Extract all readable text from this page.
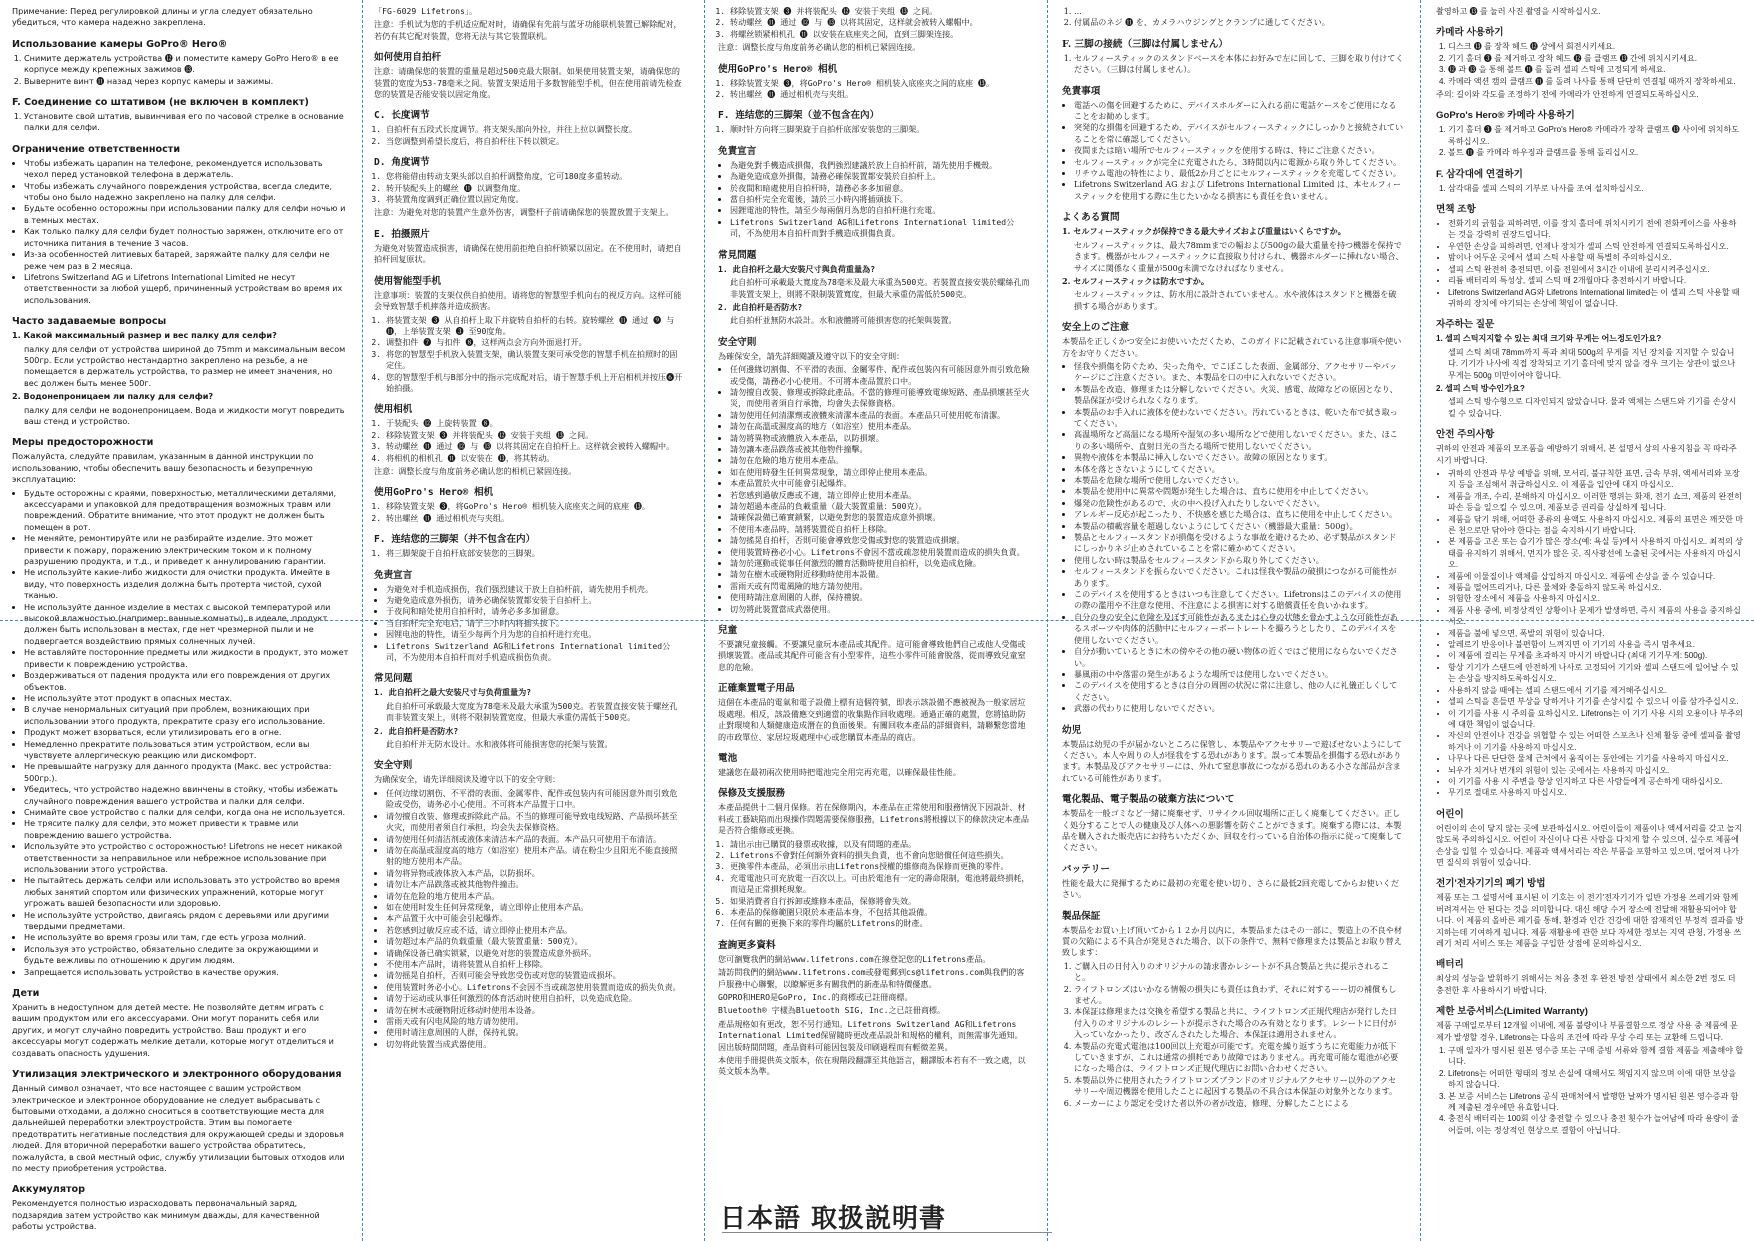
Примечание: Перед регулировкой длины и угла следует обязательно убедиться, что камера надежно закреплена.

Использование камеры GoPro® Hero®
1. Снимите держатель устройства ⓬ и поместите камеру GoPro Hero® в ее корпусе между крепежных зажимов ⓭.
2. Выверните винт ⓫ назад через корпус камеры и зажимы.
F. Соединение со штативом (не включен в комплект)
1. Установите свой штатив, вывинчивая его по часовой стрелке в основание палки для селфи.
Ограничение ответственности
• Чтобы избежать царапин на телефоне, рекомендуется использовать чехол перед установкой телефона в держатель.
• Чтобы избежать случайного повреждения устройства, всегда следите, чтобы оно было надежно закреплено на палку для селфи.
• Будьте особенно осторожны при использовании палку для селфи ночью и в темных местах.
• Как только палку для селфи будет полностью заряжен, отключите его от источника питания в течение 3 часов.
• Из-за особенностей литиевых батарей, заряжайте палку для селфи не реже чем раз в 2 месяца.
• Lifetrons Switzerland AG и Lifetrons International Limited не несут ответственности за любой ущерб, причиненный устройствам во время их использования.
Часто задаваемые вопросы

1. Какой максимальный размер и вес палку для селфи?

палку для селфи от устройства шириной до 75mm и максимальным весом 500гр. Если устройство нестандартно закреплено на резьбе, а не помещается в держатель устройства, то размер не имеет значения, но вес должен быть менее 500г.

2. Водонепроницаем ли палку для селфи?

палку для селфи не водонепроницаем. Вода и жидкости могут повредить ваш стенд и устройство.

Меры предосторожности

Пожалуйста, следуйте правилам, указанным в данной инструкции по использованию, чтобы обеспечить вашу безопасность и безупречную эксплуатацию:

• Будьте осторожны с краями, поверхностью, металлическими деталями, аксессуарами и упаковкой для предотвращения возможных травм или повреждений. Обратите внимание, что этот продукт не должен быть помещен в рот.
• Не меняйте, ремонтируйте или не разбирайте изделие. Это может привести к пожару, поражению электрическим током и к полному разрушению продукта, и т.д., и приведет к аннулированию гарантии.
• Не используйте какие-либо жидкости для очистки продукта. Имейте в виду, что поверхность изделия должна быть протерта чистой, сухой тканью.
• Не используйте данное изделие в местах с высокой температурой или высокой влажностью (например: ванные комнаты), в идеале, продукт должен быть использован в местах, где нет чрезмерной пыли и не подвергается воздействию прямых солнечных лучей.
• Не вставляйте посторонние предметы или жидкости в продукт, это может привести к повреждению устройства.
• Воздерживаться от падения продукта или его повреждения от других объектов.
• Не используйте этот продукт в опасных местах.
• В случае ненормальных ситуаций при проблем, возникающих при использовании этого продукта, прекратите сразу его использование.
• Продукт может взорваться, если утилизировать его в огне.
• Немедленно прекратите пользоваться этим устройством, если вы чувствуете аллергическую реакцию или дискомфорт.
• Не превышайте нагрузку для данного продукта (Макс. вес устройства: 500гр.).
• Убедитесь, что устройство надежно ввинчены в стойку, чтобы избежать случайного повреждения вашего устройства и палки для селфи.
• Снимайте свое устройство с палки для селфи, когда она не используется.
• Не трясите палку для селфи, это может привести к травме или повреждению вашего устройства.
• Используйте это устройство с осторожностью! Lifetrons не несет никакой ответственности за неправильное или небрежное использование при использовании этого устройства.
• Не пытайтесь держать селфи или использовать это устройство во время любых занятий спортом или физических упражнений, которые могут угрожать вашей безопасности или здоровью.
• Не используйте устройство, двигаясь рядом с деревьями или другими твердыми предметами.
• Не используйте во время грозы или там, где есть угроза молний.
• Используя это устройство, обязательно следите за окружающими и будьте вежливы по отношению к другим людям.
• Запрещается использовать устройство в качестве оружия.
Дети

Хранить в недоступном для детей месте. Не позволяйте детям играть с вашим продуктом или его аксессуарами. Они могут поранить себя или других, и могут случайно повредить устройство. Ваш продукт и его аксессуары могут содержать мелкие детали, которые могут отделиться и создавать опасность удушения.

Утилизация электрического и электронного оборудования

Данный символ означает, что все настоящее с вашим устройством электрическое и электронное оборудование не следует выбрасывать с бытовыми отходами, а должно сноситься в соответствующие места для дальнейшей переработки электроустройств. Этим вы помогаете предотвратить негативные последствия для окружающей среды и здоровья людей. Для вторичной переработки вашего устройства обратитесь, пожалуйста, в свой местный офис, службу утилизации бытовых отходов или по месту приобретения устройства.

Аккумулятор

Рекомендуется полностью израсходовать первоначальный заряд, подзарядив затем устройство как минимум дважды, для качественной работы устройства.

「FG-6029 Lifetrons」。

注意：手机试为您的手机适应配对时，请确保有先前与蓝牙功能联机装置已解除配对，若仍有其它配对装置，您将无法与其它装置联机。

如何使用自拍杆

注意：请确保您的装置的重量是超过500克最大限制。如果使用装置支架，请确保您的装置的宽度为53-78毫米之间。装置支架适用于多数智能型手机，但在使用前请先检查您的装置是否能安装以固定角度。

C. 长度调节
1. 自拍杆有五段式长度调节。将支架头部向外拉，并往上拉以调整长度。
2. 当您调整到希望长度后，将自拍杆往下转以锁定。
D. 角度调节
1. 您将能借由转动支架头部以自拍杆调整角度，它可180度多重转动。
2. 转开装配头上的螺丝 ⓫ 以调整角度。
3. 将装置角度调到正确位置以固定角度。

注意：为避免对您的装置产生意外伤害，调整杆子前请确保您的装置放置于支架上。

E. 拍摄照片

为避免对装置造成损害，请确保在使用前拒绝自拍杆锁紧以固定。在不使用时，请把自拍杆回复原状。

使用智能型手机

注意事项：装置的支架仅供自拍使用。请将您的智慧型手机向右的视反方向。这样可能会导致智慧手机摔落并造成损害。

1. 将装置支架 ❸ 从自拍杆上取下并旋转自拍杆的右转。旋转螺丝 ⓫ 通过 ❾ 与 ⓫，上举装置支架 ❸ 至90度角。
2. 调整扣件 ❼ 与扣件 ❽，这样两点会方向外面退打开。
3. 将您的智慧型手机放入装置支架，确认装置支架可承受您的智慧手机在拍照时的固定住。
4. 您的智慧型手机与B部分中的指示完成配对后，请于智慧手机上开启相机并按压❻开始拍摄。
使用相机
1. 于装配头 ⓬ 上旋转装置 ❽。
2. 移除装置支架 ❸ 并将装配头 ⓬ 安装于夹组 ⓭ 之间。
3. 转动螺丝 ⓫ 通过 ⓬ 与 ⓭ 以将其固定在自拍杆上。这样就会被转入螺帽中。
4. 将相机的相机孔 ⓫ 以安装在 ⓭，将其转动。

注意：调整长度与角度前务必确认您的相机已紧固连接。

使用GoPro's Hero® 相机
1. 移除装置支架 ❸，将GoPro's Hero® 相机装入底座夹之间的底座 ⓭。
2. 转出螺丝 ⓫ 通过相机壳与夹组。
F. 连结您的三脚架（并不包含在内）
1. 将三脚架旋于自拍杆底部安装您的三脚架。
免责宣言
• 为避免对手机造成损伤，我们强烈建议于放上自拍杆前，请先使用手机壳。
• 为避免造成意外损伤，请务必确保装置都安装于自拍杆上。
• 于夜间和暗处使用自拍杆时，请务必多多加留意。
• 当自拍杆完全充电后，请于三小时内将插头拔下。
• 因锂电池的特性，请至少每两个月为您的自拍杆进行充电。
• Lifetrons Switzerland AG和Lifetrons International limited公司，不为使用本自拍杆而对手机造成损伤负责。
常见问题

1. 此自拍杆之最大安装尺寸与负荷重量为?

此自拍杆可承载最大宽度为78毫米及最大承重为500克。若装置直接安装于螺丝孔而非装置支架上，则将不限制装置宽度，但最大承重仍需低于500克。

2. 此自拍杆是否防水?

此自拍杆并无防水设计。水和液体将可能损害您的托架与装置。

安全守则

为确保安全，请先详细阅读及遵守以下的安全守则：

• 任何边缘切割伤、不平滑的表面、金属零件、配件或包装内有可能因意外而引致危险或受伤，请务必小心使用。不可将本产品置于口中。
• 请勿擅自改装、修理或拆除此产品。不当的修理可能导致电线短路、产品损坏甚至火灾，而使用者须自行承担，均会失去保修资格。
• 请勿使用任何清洁剂或液体来清洁本产品的表面。本产品只可使用干布清洁。
• 请勿在高温或湿度高的地方（如浴室）使用本产品。请在粉尘少且阳光不能直接照射的地方使用本产品。
• 请勿将异物或液体放入本产品，以防损坏。
• 请勿让本产品跌落或被其他物件撞击。
• 请勿在危险的地方使用本产品。
• 如在使用时发生任何异常现象，请立即停止使用本产品。
• 本产品置于火中可能会引起爆炸。
• 若您感到过敏反应或不适，请立即停止使用本产品。
• 请勿超过本产品的负载重量（最大装置重量：500克）。
• 请确保设备已确实锁紧，以避免对您的装置造成意外损坏。
• 不使用本产品时，请将装置从自拍杆上移除。
• 请勿摇晃自拍杆，否则可能会导致您受伤或对您的装置造成损坏。
• 使用装置时务必小心。Lifetrons不会因不当或疏忽使用装置而造成的损失负责。
• 请勿于运动或从事任何激烈的体育活动时使用自拍杆，以免造成危险。
• 请勿在树木或硬物附近移动时使用本设备。
• 雷雨天或有闪电风险的地方请勿使用。
• 使用时请注意周围的人群，保持礼貌。
• 切勿将此装置当成武器使用。
1. 移除装置支架 ❸ 并将装配头 ⓬ 安装于夹组 ⓭ 之间。
2. 转动螺丝 ⓫ 通过 ⓬ 与 ⓭ 以将其固定，这样就会被转入螺帽中。
3. 将螺丝锁紧相机孔 ⓫ 以安装在底座夹之间，直到三脚架连接。

注意：调整长度与角度前务必确认您的相机已紧固连接。

使用GoPro's Hero® 相机
1. 移除装置支架 ❸，将GoPro's Hero® 相机装入底座夹之间的底座 ⓭。
2. 转出螺丝 ⓫ 通过相机壳与夹组。
F. 连结您的三脚架（並不包含在內）
1. 顺时针方向将三脚架旋于自拍杆底部安装您的三脚架。
免責宣言
• 為避免對手機造成損傷，我們強烈建議於放上自拍杆前，請先使用手機殼。
• 為避免造成意外損傷，請務必確保裝置都安裝於自拍杆上。
• 於夜間和暗處使用自拍杆時，請務必多多加留意。
• 當自拍杆完全充電後，請於三小時內將插頭拔下。
• 因鋰電池的特性，請至少每兩個月為您的自拍杆進行充電。
• Lifetrons Switzerland AG和Lifetrons International limited公司，不為使用本自拍杆而對手機造成損傷負責。
常見問題

1. 此自拍杆之最大安裝尺寸與負荷重量為?

此自拍杆可承載最大寬度為78毫米及最大承重為500克。若裝置直接安裝於螺絲孔而非裝置支架上，則將不限制裝置寬度，但最大承重仍需低於500克。

2. 此自拍杆是否防水?

此自拍杆並無防水設計。水和液體將可能損害您的托架與裝置。

安全守則

為確保安全，請先詳細閱讀及遵守以下的安全守則：

• 任何邊緣切割傷、不平滑的表面、金屬零件、配件或包裝內有可能因意外而引致危險或受傷，請務必小心使用。不可將本產品置於口中。
• 請勿擅自改裝、修理或拆除此產品。不當的修理可能導致電線短路、產品損壞甚至火災，而使用者須自行承擔，均會失去保修資格。
• 請勿使用任何清潔劑或液體來清潔本產品的表面。本產品只可使用乾布清潔。
• 請勿在高溫或濕度高的地方（如浴室）使用本產品。
• 請勿將異物或液體放入本產品，以防損壞。
• 請勿讓本產品跌落或被其他物件撞擊。
• 請勿在危險的地方使用本產品。
• 如在使用時發生任何異常現象，請立即停止使用本產品。
• 本產品置於火中可能會引起爆炸。
• 若您感到過敏反應或不適，請立即停止使用本產品。
• 請勿超過本產品的負載重量（最大裝置重量：500克）。
• 請確保設備已確實鎖緊，以避免對您的裝置造成意外損壞。
• 不使用本產品時，請將裝置從自拍杆上移除。
• 請勿搖晃自拍杆，否則可能會導致您受傷或對您的裝置造成損壞。
• 使用裝置時務必小心。Lifetrons不會因不當或疏忽使用裝置而造成的損失負責。
• 請勿於運動或從事任何激烈的體育活動時使用自拍杆，以免造成危險。
• 請勿在樹木或硬物附近移動時使用本設備。
• 雷雨天或有閃電風險的地方請勿使用。
• 使用時請注意周圍的人群，保持禮貌。
• 切勿將此裝置當成武器使用。
兒童

不要讓兒童接觸。不要讓兒童玩本產品或其配件。這可能會導致他們自己或他人受傷或損壞裝置。產品或其配件可能含有小型零件，這些小零件可能會脫落，從而導致兒童窒息的危險。

正確棄置電子用品

這個在本產品的電氣和電子設備上標有這個符號，即表示該設備不應被視為一般家居垃圾處理。相反，該設備應交到適當的收集點作回收處理。通過正確的處置，您將協助防止對環境和人類健康造成潛在的負面後果。有關回收本產品的詳細資料，請聯繫您當地的市政單位、家居垃圾處理中心或您購買本產品的商店。

電池

建議您在最初兩次使用時把電池完全用完再充電，以確保最佳性能。

保修及支援服務

本產品提供十二個月保修。若在保修期內，本產品在正常使用和服務情況下因設計、材料或工藝缺陷而出現操作問題需要保修服務，Lifetrons將根據以下的條款決定本產品是否符合維修或更換。

1. 請出示由已購買的發票或收據，以及有問題的產品。
2. Lifetrons不會對任何額外資料的損失負責，也不會向您賠償任何這些損失。
3. 更換零件本產品，必須出示由Lifetrons授權的維修商為保修而更換的零件。
4. 充電電池只可充放電一百次以上。可由於電池有一定的壽命限制，電池將最終損耗，而這是正常損耗現象。
5. 如果消費者自行拆卸或維修本產品，保修將會失效。
6. 本產品的保修範圍只限於本產品本身，不包括其他設備。
7. 任何有關的更換下來的零件均屬於Lifetrons的財產。
查詢更多資料

您可瀏覽我們的網站www.lifetrons.com在線登記您的Lifetrons產品。

請訪問我們的網站www.lifetrons.com或發電郵到cs@lifetrons.com與我們的客戶服務中心聯繫，以瞭解更多有關我們的新產品和特價優惠。

GOPRO和HERO是GoPro, Inc.的商標或已註冊商標。

Bluetooth® 字樣為Bluetooth SIG, Inc.之已註冊商標。

產品規格如有更改，恕不另行通知。Lifetrons Switzerland AG和Lifetrons International Limited保留隨時更改產品設計和規格的權利，而無需事先通知。因出版時間問題，產品資料可能因包裝及印刷過程而有輕微差異。

本使用手冊提供英文版本，依在現階段翻譯至其他語言，翻譯版本若有不一致之處，以英文版本為準。

1. ...
2. 付属品のネジ ⓫ を、カメラハウジングとクランプに通してください。
F. 三脚の接続（三脚は付属しません）
1. セルフィースティックのスタンドベースを本体にお好みで左に回して、三脚を取り付けてください。（三脚は付属しません）。
免責事項
• 電話への傷を回避するために、デバイスホルダーに入れる前に電話ケースをご使用になることをお勧めします。
• 突発的な損傷を回避するため、デバイスがセルフィースティックにしっかりと接続されていることを常に確認してください。
• 夜間または暗い場所でセルフィースティックを使用する時は、特にご注意ください。
• セルフィースティックが完全に充電されたら、3時間以内に電源から取り外してください。
• リチウム電池の特性により、最低2か月ごとにセルフィースティックを充電してください。
• Lifetrons Switzerland AG および Lifetrons International Limited は、本セルフィースティックを使用する際に生じたいかなる損害にも責任を負いません。
よくある質問

1. セルフィースティックが保持できる最大サイズおよび重量はいくらですか。

セルフィースティックは、最大78mmまでの幅および500gの最大重量を持つ機器を保持できます。機器がセルフィースティックに直接取り付けられ、機器ホルダーに挿れない場合、サイズに関係なく重量が500g未満でなければなりません。

2. セルフィースティックは防水ですか。

セルフィースティックは、防水用に設計されていません。水や液体はスタンドと機器を破損する場合があります。

安全上のご注意

本製品を正しくかつ安全にお使いいただくため、このガイドに記載されている注意事項や使い方をお守りください。

• 怪我や損傷を防ぐため、尖った角や、でこぼこした表面、金属部分、アクセサリーやパッケージにご注意ください。また、本製品を口の中に入れないでください。
• 本製品を改造、修理または分解しないでください。火災、感電、故障などの原因となり、製品保証が受けられなくなります。
• 本製品のお手入れに液体を使わないでください。汚れているときは、乾いた布で拭き取ってください。
• 高温場所など高温になる場所や湿気の多い場所などで使用しないでください。また、ほこりの多い場所や、直射日光の当たる場所で使用しないでください。
• 異物や液体を本製品に挿入しないでください。故障の原因となります。
• 本体を落とさないようにしてください。
• 本製品を危険な場所で使用しないでください。
• 本製品を使用中に異常や問題が発生した場合は、直ちに使用を中止してください。
• 爆発の危険性があるので、火の中へ投げ入れたりしないでください。
• アレルギー反応が起こったり、不快感を感じた場合は、直ちに使用を中止してください。
• 本製品の積載容量を超過しないようにしてください（機器最大重量：500g）。
• 製品とセルフィースタンドが損傷を受けるような事故を避けるため、必ず製品がスタンドにしっかりネジ止めされていることを常に確かめてください。
• 使用しない時は製品をセルフィースタンドから取り外してください。
• セルフィースタンドを振らないでください。これは怪我や製品の破損につながる可能性があります。
• このデバイスを使用するときはいつも注意してください。Lifetronsはこのデバイスの使用の際の濫用や不注意な使用、不注意による損害に対する賠償責任を負いかねます。
• 自分の身の安全に危険を及ぼす可能性があるまたは心身の状態を脅かすような可能性があるスポーツや肉体的活動中にセルフィーポートレートを撮ろうとしたり、このデバイスを使用しないでください。
• 自分が動いているときに木の傍やその他の硬い物体の近くではご使用にならないでください。
• 暴風雨の中や落雷の発生があるような場所では使用しないでください。
• このデバイスを使用するときは自分の周囲の状況に常に注意し、他の人に礼儀正しくしてください。
• 武器の代わりに使用しないでください。
幼児

本製品は幼児の手が届かないところに保管し、本製品やアクセサリーで遊ばせないようにしてください。本人や周りの人が怪我をする恐れがあります。誤って本製品を損傷する恐れがあります。本製品及びアクセサリーには、外れて窒息事故につながる恐れのある小さな部品が含まれている可能性があります。

電化製品、電子製品の破棄方法について

本製品を一般ゴミなど一緒に廃棄せず、リサイクル回収場所に正しく廃棄してください。正しく処分することで人の健康及び人体への悪影響を防ぐことができます。廃棄する際には、本製品を購入された販売店にお持ちいただくか、回収を行っている自治体の指示に従って廃棄してください。

バッテリー

性能を最大に発揮するために最初の充電を使い切り、さらに最低2回充電してからお使いください。

製品保証

本製品をお買い上げ頂いてから１２か月以内に、本製品またはその一部に、製造上の不良や材質の欠陥による不具合が発見された場合、以下の条件で、無料で修理または製品とお取り替え致します：

1. ご購入日の日付入りのオリジナルの請求書かレシートが不具合製品と共に提示されること。
2. ライフトロンズはいかなる情報の損失にも責任は負わず、それに対するーー切の補償もしません。
3. 本保証は修理または交換を希望する製品と共に、ライフトロンズ正規代理店が発行した日付入りのオリジナルのレシートが提示された場合のみ有効となります。レシートに日付が入っていなかったり、改ざんされたした場合、本保証は適用されません。
4. 本製品の充電式電池は100回以上充電が可能です。充電を繰り返すうちに充電能力が低下していきますが、これは通常の損耗であり故障ではありません。再充電可能な電池が必要になった場合は、ライフトロンズ正規代理店にお問い合わせください。
5. 本製品以外に使用されたライフトロンズブランドのオリジナルアクセサリー以外のアクセサリーや周辺機器を使用したことに起因する製品の不具合は本保証の対象外となります。
6. メーカーにより認定を受けた者以外の者が改造、修理、分解したことによる

촬영하고 ⓭ 를 눌러 사진 촬영을 시작하십시오.

카메라 사용하기
1. 디스크 ⓭ 를 장착 헤드 ⓬ 상에서 회전시키세요.
2. 기기 홀더 ❸ 를 제거하고 장착 헤드 ⓬ 를 클램프 ⓭ 간에 위치시키세요.
3. ⓬ 과 ⓭ 을 통해 볼트 ⓫ 를 돌려 셀피 스틱에 고정되게 하세요.
4. 카메라 액션 캠의 클램프 ⓫ 를 돌려 나사를 통해 단단히 연결될 때까지 장착하세요.

주의: 길이와 각도를 조정하기 전에 카메라가 안전하게 연결되도록하십시오.

GoPro's Hero® 카메라 사용하기
1. 기기 홀더 ❸ 를 제거하고 GoPro's Hero® 카메라가 장착 클램프 ⓭ 사이에 위치하도록하십시오.
2. 볼트 ⓫ 를 카메라 하우징과 클램프를 통해 돌리십시오.
F. 삼각대에 연결하기
1. 삼각대를 셀피 스틱의 기부로 나사를 조여 설치하십시오.
면책 조항
• 전화기의 긁힘을 피하려면, 이를 장치 홀더에 위치시키기 전에 전화케이스를 사용하는 것을 강력히 권장드립니다.
• 우연한 손상을 피하려면, 언제나 장치가 셀피 스틱 안전하게 연결되도록하십시오.
• 밤이나 어두운 곳에서 셀피 스틱 사용할 때 특별히 주의하십시오.
• 셀피 스틱 완전히 충전되면, 이를 전원에서 3시간 이내에 분리시켜주십시오.
• 리튬 배터리의 특성상, 셀피 스틱 매 2개월마다 충전하시기 바랍니다.
• Lifetrons Switzerland AG와 Lifetrons International limited는 이 셀피 스틱 사용할 때 귀하의 장치에 야기되는 손상에 책임이 없습니다.
자주하는 질문

1. 셀피 스틱지지할 수 있는 최대 크기와 무게는 어느정도인가요?

셀피 스틱 최대 78mm까지 폭과 최대 500g의 무게를 지닌 장치를 지지할 수 있습니다. 기기가 나사에 직접 장착되고 기기 홀더에 맞지 않을 경우 크기는 상관이 없으나 무게는 500g 미만이어야 합니다.

2. 셀피 스틱 방수인가요?

셀피 스틱 방수형으로 디자인되지 않았습니다. 물과 액체는 스탠드와 기기를 손상시킬 수 있습니다.

안전 주의사항

귀하의 안전과 제품의 모조품을 예방하기 위해서, 본 설명서 상의 사용지침을 꼭 따라주시기 바랍니다.

• 귀하의 안전과 부상 예방을 위해, 모서리, 불규칙한 표면, 금속 부위, 액세서리와 포장지 등을 조심해서 취급하십시오. 이 제품을 입안에 대지 마십시오.
• 제품을 개조, 수리, 분해하지 마십시오. 이러한 행위는 화재, 전기 쇼크, 제품의 완전히 파손 등을 일으킬 수 있으며, 제품보증 권리를 상실하게 됩니다.
• 제품을 닦기 위해, 어떠한 종류의 용액도 사용하지 마십시오. 제품의 표면은 깨끗한 마른 천으로만 닦아야 한다는 점을 숙지하시기 바랍니다.
• 본 제품을 고온 또는 습기가 많은 장소(예: 욕실 등)에서 사용하지 마십시오. 최적의 상태를 유지하기 위해서, 먼지가 많은 곳, 직사광선에 노출된 곳에서는 사용하지 마십시오.
• 제품에 이물질이나 액체를 삽입하지 마십시오. 제품에 손상을 줄 수 있습니다.
• 제품을 떨어뜨리거나, 다른 물체와 충돌하지 않도록 하십시오.
• 위험한 장소에서 제품을 사용하지 마십시오.
• 제품 사용 중에, 비정상적인 상황이나 문제가 발생하면, 즉시 제품의 사용을 중지하십시오.
• 제품을 불에 넣으면, 폭발의 위험이 있습니다.
• 알레르기 반응이나 불편함이 느껴지면 이 기기의 사용을 즉시 멈추세요.
• 이 제품에 걸리는 무게를 초과하지 마시기 바랍니다 (최대 기기무게: 500g).
• 항상 기기가 스탠드에 안전하게 나사로 고정되어 기기와 셀피 스탠드에 일어날 수 있는 손상을 방지하도록하십시오.
• 사용하지 않을 때에는 셀피 스탠드에서 기기를 제거해주십시오.
• 셀피 스틱을 흔들면 부상을 당하거나 기기를 손상시킬 수 있으니 이를 삼가주십시오.
• 이 기기를 사용 시 주의를 요하십시오. Lifetrons는 이 기기 사용 시의 오용이나 부주의에 대한 책임이 없습니다.
• 자신의 안전이나 건강을 위협할 수 있는 어떠한 스포츠나 신체 활동 중에 셀피를 촬영하거나 이 기기를 사용하지 마십시오.
• 나무나 다른 단단한 물체 근처에서 움직이는 동안에는 기기를 사용하지 마십시오.
• 뇌우가 치거나 번개의 위험이 있는 곳에서는 사용하지 마십시오.
• 이 기기를 사용 시 주변을 항상 인지하고 다른 사람들에게 공손하게 대하십시오.
• 무기로 절대로 사용하지 마십시오.
어린이

어린이의 손이 닿지 않는 곳에 보관하십시오. 어린이들이 제품이나 액세서리를 갖고 놀지 않도록 주의하십시오. 어린이 자신이나 다른 사람을 다치게 할 수 있으며, 실수로 제품에 손상을 입힐 수 있습니다. 제품과 액세서리는 작은 부품을 포함하고 있으며, 떨어져 나가면 질식의 위험이 있습니다.

전기'전자기기의 폐기 방법

제품 또는 그 설명서에 표시된 이 기호는 이 전기'전자기기가 일반 가정용 쓰레기와 함께 버려져서는 안 된다는 것을 의미합니다. 대신 해당 수거 장소에 전달해 재활용되어야 합니다. 이 제품의 올바른 폐기를 통해, 환경과 인간 건강에 대한 잠재적인 부정적 결과를 방지하는데 기여하게 됩니다. 제품 재활용에 관한 보다 자세한 정보는 지역 관청, 가정용 쓰레기 처리 서비스 또는 제품을 구입한 상점에 문의하십시오.

배터리

최상의 성능을 발휘하기 위해서는 처음 충전 후 완전 방전 상태에서 최소한 2번 정도 더 충전한 후 사용하시기 바랍니다.

제한 보증서비스(Limited Warranty)

제품 구매일로부터 12개월 이내에, 제품 불량이나 부품결함으로 정상 사용 중 제품에 문제가 발생할 경우, Lifetrons는 다음의 조건에 따라 무상 수리 또는 교환해 드립니다.

1. 구매 일자가 명시된 원본 영수증 또는 구매 증빙 서류와 함께 결함 제품을 제출해야 합니다.
2. Lifetrons는 어떠한 형태의 정보 손실에 대해서도 책임지지 않으며 이에 대한 보상을 하지 않습니다.
3. 본 보증 서비스는 Lifetrons 공식 판매처에서 발행한 날짜가 명시된 원본 영수증과 함께 제출된 경우에만 유효합니다.
4. 충전식 배터리는 100회 이상 충전할 수 있으나 충전 횟수가 늘어남에 따라 용량이 줄어들며, 이는 정상적인 현상으로 결함이 아닙니다.
日本語 取扱説明書
